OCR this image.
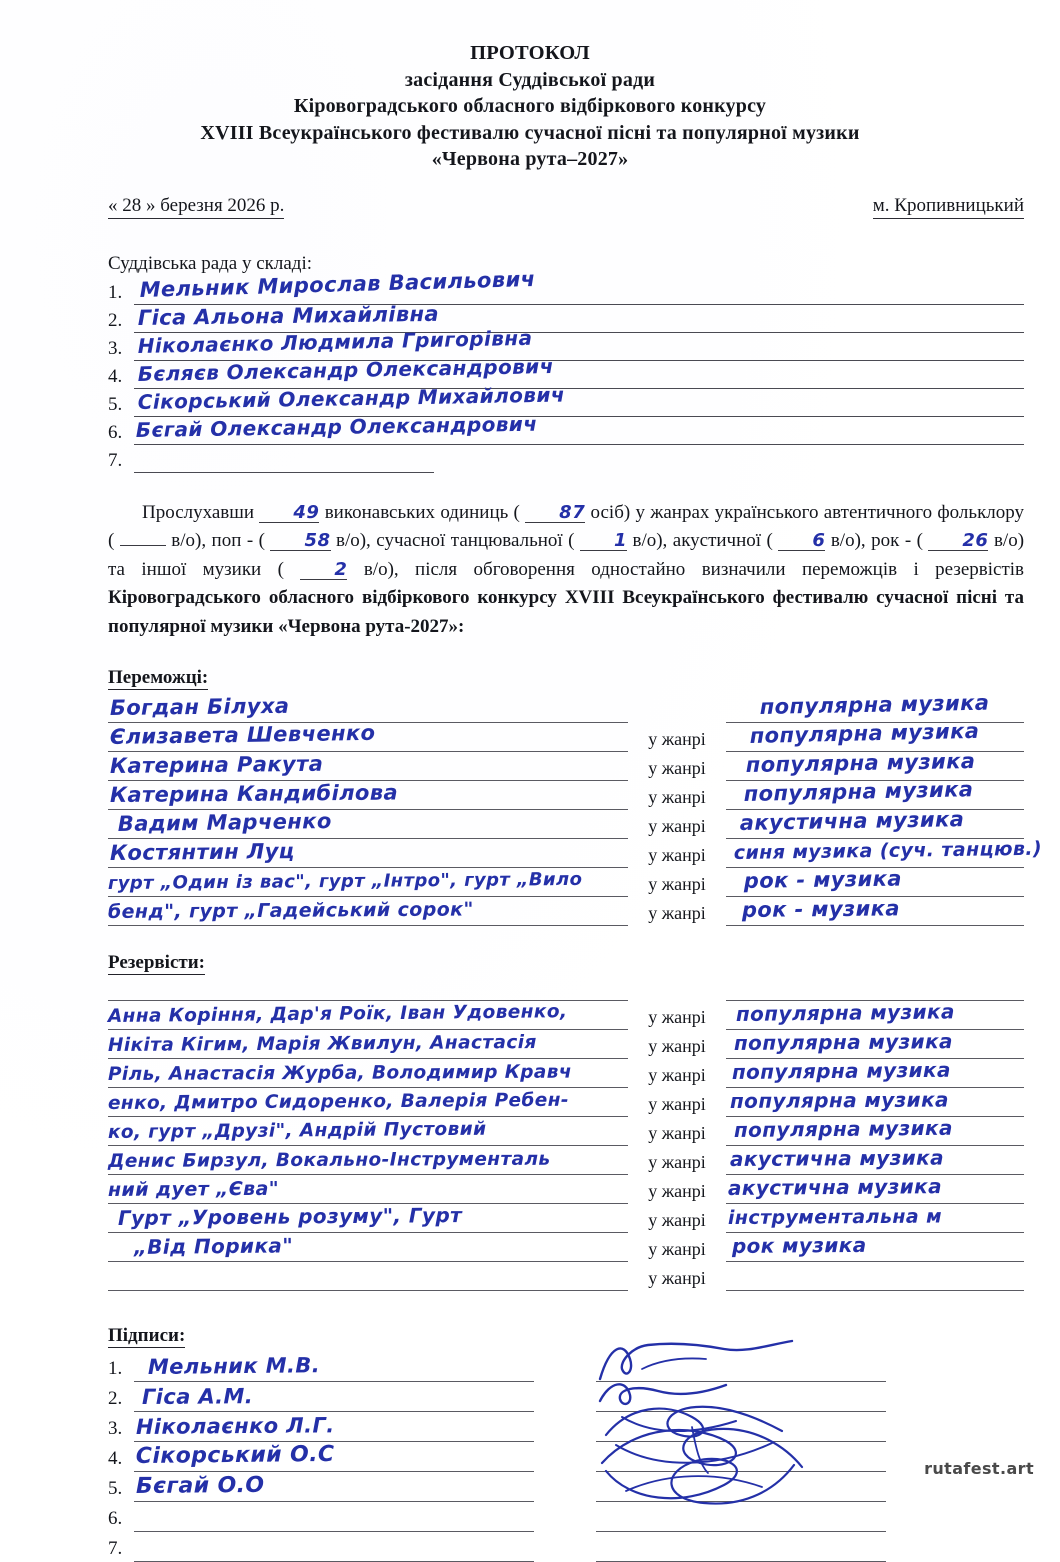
ПРОТОКОЛ
засідання Суддівської ради
Кіровоградського обласного відбіркового конкурсу
XVIII Всеукраїнського фестивалю сучасної пісні та популярної музики
«Червона рута–2027»
« 28 » березня 2026 р.	м. Кропивницький
Суддівська рада у складі:
1. Мельник Мирослав Васильович
2. Гiсa Альона Михайлівна
3. Ніколаєнко Людмила Григорівна
4. Бєляєв Олександр Олександрович
5. Сікорський Олександр Михайлович
6. Бєгай Олександр Олександрович
7.
Прослухавши 49 виконавських одиниць ( 87 осіб) у жанрах українського автентичного фольклору (	в/о), поп - ( 58 в/о), сучасної танцювальної ( 1 в/о), акустичної ( 6 в/о), рок - ( 26 в/о) та іншої музики (	2 в/о), після обговорення одностайно визначили переможців і резервістів Кіровоградського обласного відбіркового конкурсу XVIII Всеукраїнського фестивалю сучасної пісні та популярної музики «Червона рута-2027»:
Переможці:
Богдан Білуха	популярна музика
Єлизавета Шевченко	у жанрі	популярна музика
Катерина Ракута	у жанрі	популярна музика
Катерина Кандибілова	у жанрі	популярна музика
Вадим Марченко	у жанрі	акустична музика
Костянтин Луц	у жанрі	синя музика (суч. танцюв.)
гурт „Один із вас", гурт „Інтро", гурт „Вило	у жанрі	рок - музика
бенд", гурт „Гадейський сорок"	у жанрі	рок - музика
Резервісти:
Анна Коріння, Дар'я Роїк, Іван Удовенко,	у жанрі	популярна музика
Нікіта Кігим, Марія Жвилун, Анастасія	у жанрі	популярна музика
Ріль, Анастасія Журба, Володимир Кравч	у жанрі	популярна музика
енко, Дмитро Сидоренко, Валерія Ребен-	у жанрі	популярна музика
ко, гурт „Друзі", Андрій Пустовий	у жанрі	популярна музика
Денис Бирзул, Вокально-Інструменталь	у жанрі	акустична музика
ний дует „Єва"	у жанрі	акустична музика
Гурт „Уровень розуму", Гурт	у жанрі	інструментальна м
„Від Порика"	у жанрі	рок музика
у жанрі
Підписи:
1.	Мельник М.В.
2. Гіса А.М.
3. Ніколаєнко Л.Г.
4. Сікорський О.С
5. Бєгай О.О
6.
7.
rutafest.art
